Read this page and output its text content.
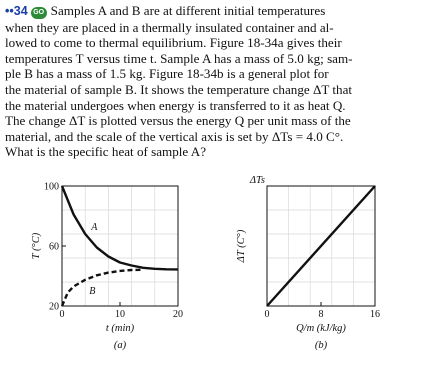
••34 GO Samples A and B are at different initial temperatures
when they are placed in a thermally insulated container and al-
lowed to come to thermal equilibrium. Figure 18-34a gives their
temperatures T versus time t. Sample A has a mass of 5.0 kg; sam-
ple B has a mass of 1.5 kg. Figure 18-34b is a general plot for
the material of sample B. It shows the temperature change ΔT that
the material undergoes when energy is transferred to it as heat Q.
The change ΔT is plotted versus the energy Q per unit mass of the
material, and the scale of the vertical axis is set by ΔTs = 4.0 C°.
What is the specific heat of sample A?
0	10	20
20
60
100
t (min)
T (°C)
(a)
A
B
0	8	16
ΔTs
Q/m (kJ/kg)
ΔT (C°)
(b)
